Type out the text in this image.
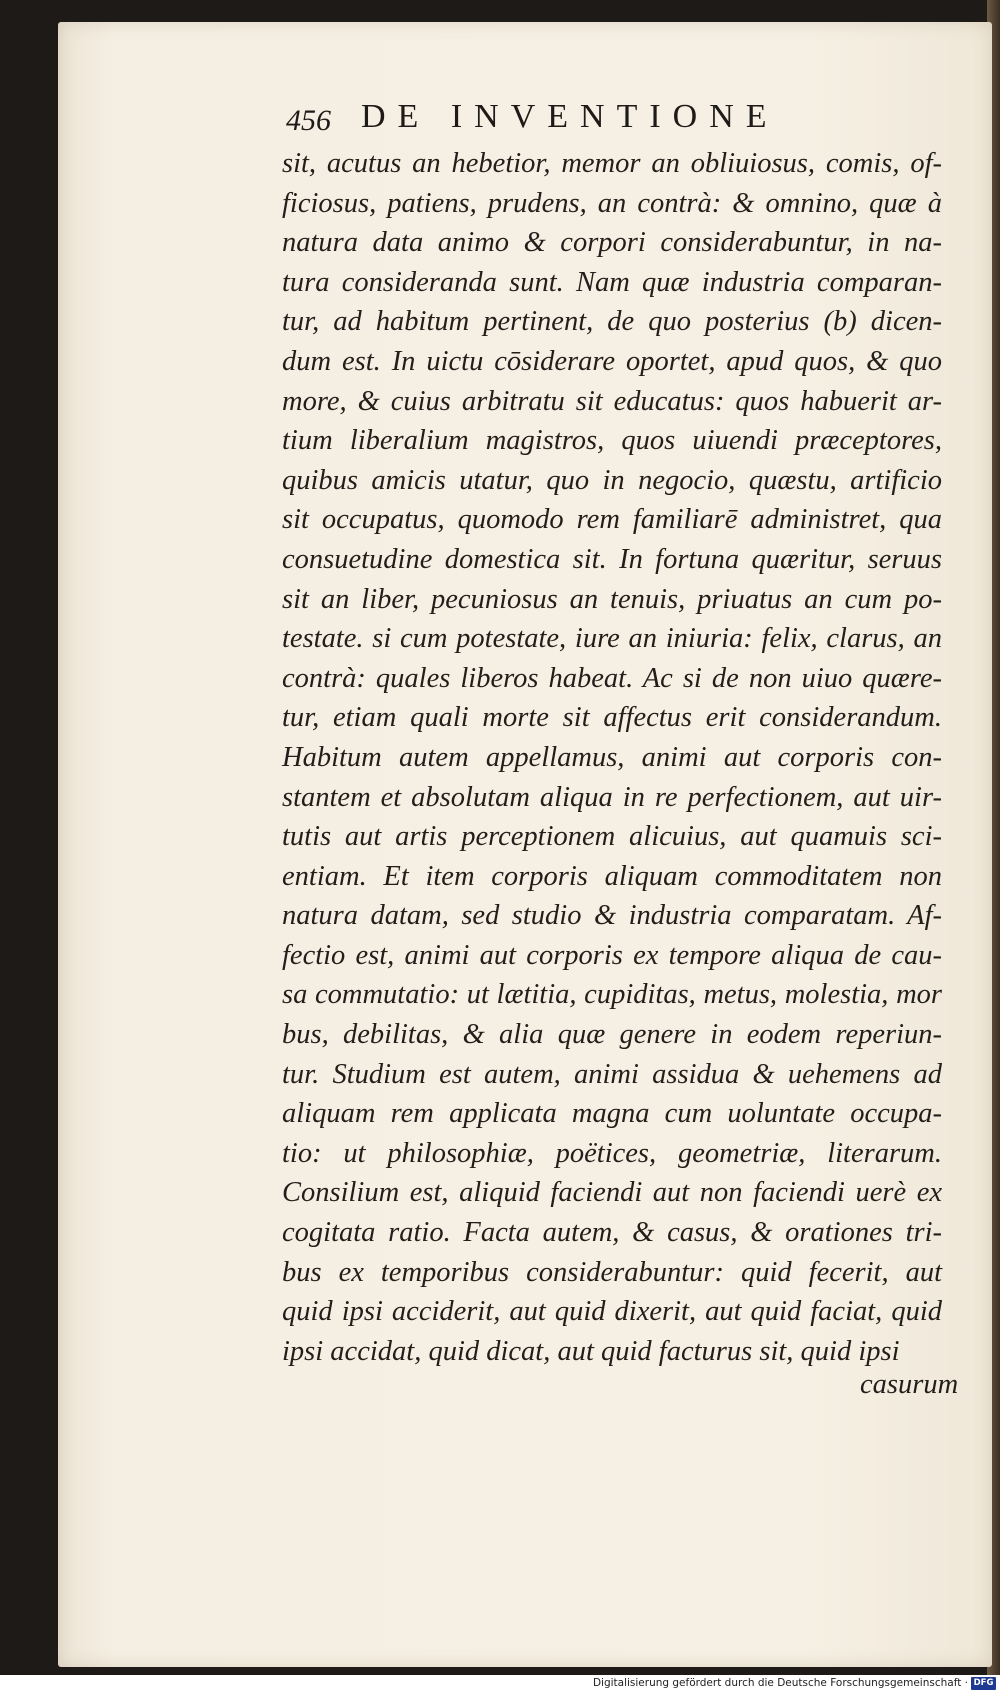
456 DE INVENTIONE
sit, acutus an hebetior, memor an obliuiosus, comis, of-
ficiosus, patiens, prudens, an contrà: & omnino, quæ à
natura data animo & corpori considerabuntur, in na-
tura consideranda sunt. Nam quæ industria comparan-
tur, ad habitum pertinent, de quo posterius (b) dicen-
dum est. In uictu cōsiderare oportet, apud quos, & quo
more, & cuius arbitratu sit educatus: quos habuerit ar-
tium liberalium magistros, quos uiuendi præceptores,
quibus amicis utatur, quo in negocio, quæstu, artificio
sit occupatus, quomodo rem familiarē administret, qua
consuetudine domestica sit. In fortuna quæritur, seruus
sit an liber, pecuniosus an tenuis, priuatus an cum po-
testate. si cum potestate, iure an iniuria: felix, clarus, an
contrà: quales liberos habeat. Ac si de non uiuo quære-
tur, etiam quali morte sit affectus erit considerandum.
Habitum autem appellamus, animi aut corporis con-
stantem et absolutam aliqua in re perfectionem, aut uir-
tutis aut artis perceptionem alicuius, aut quamuis sci-
entiam. Et item corporis aliquam commoditatem non
natura datam, sed studio & industria comparatam. Af-
fectio est, animi aut corporis ex tempore aliqua de cau-
sa commutatio: ut lætitia, cupiditas, metus, molestia, mor
bus, debilitas, & alia quæ genere in eodem reperiun-
tur. Studium est autem, animi assidua & uehemens ad
aliquam rem applicata magna cum uoluntate occupa-
tio: ut philosophiæ, poëtices, geometriæ, literarum.
Consilium est, aliquid faciendi aut non faciendi uerè ex
cogitata ratio. Facta autem, & casus, & orationes tri-
bus ex temporibus considerabuntur: quid fecerit, aut
quid ipsi acciderit, aut quid dixerit, aut quid faciat, quid
ipsi accidat, quid dicat, aut quid facturus sit, quid ipsi
casurum
Digitalisierung gefördert durch die Deutsche Forschungsgemeinschaft · DFG
